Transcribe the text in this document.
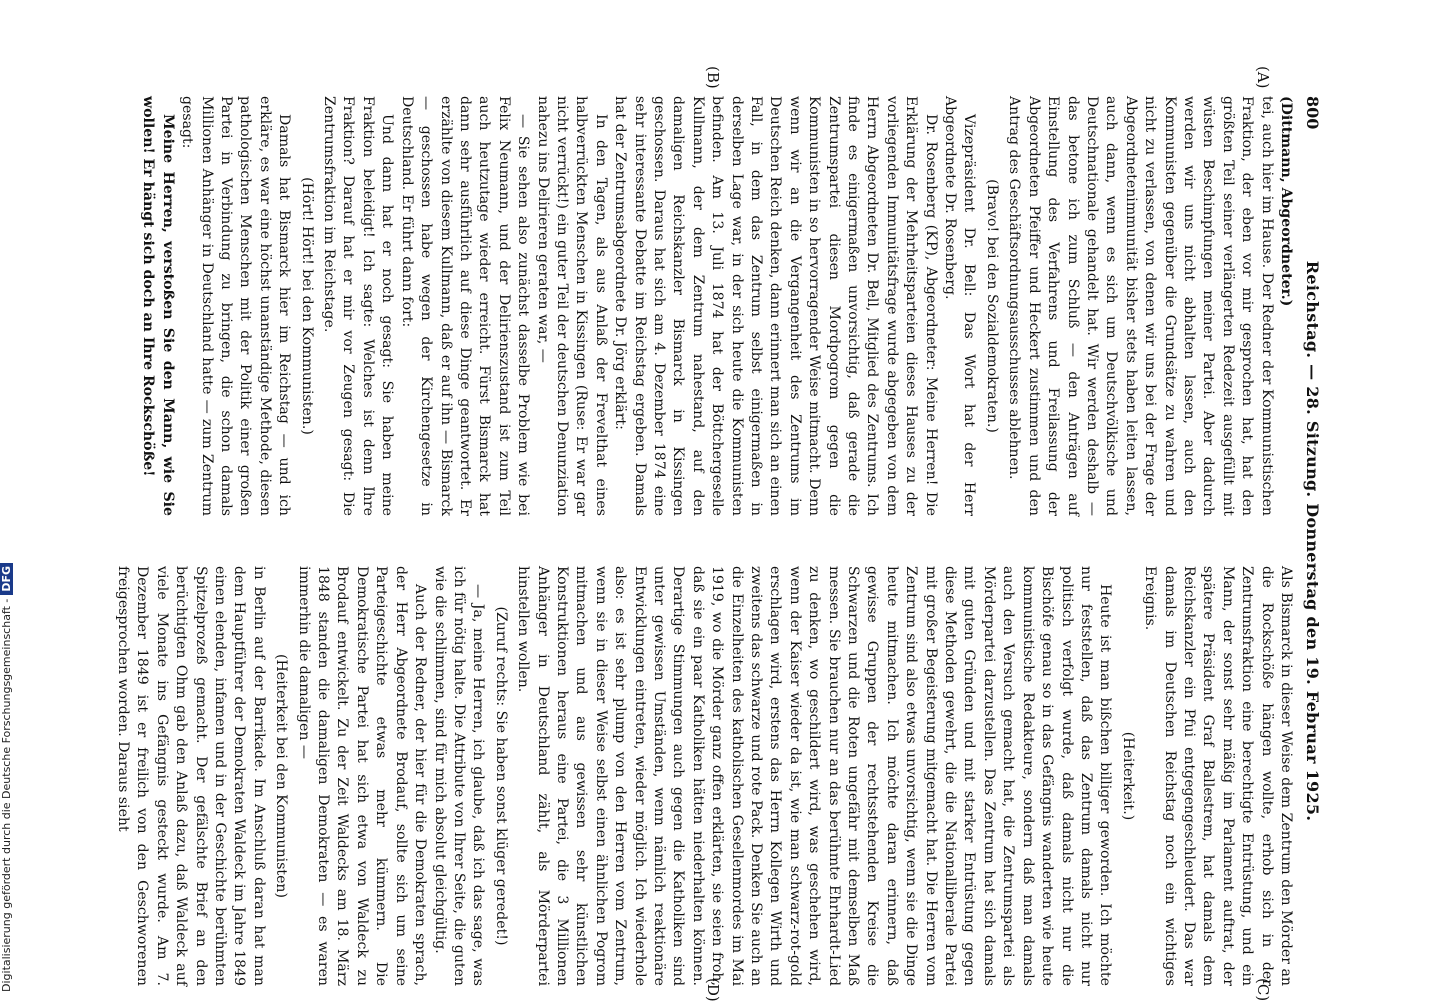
800
Reichstag. — 28. Sitzung. Donnerstag den 19. Februar 1925.
(A)
(B)
(C)
(D)

(Dittmann, Abgeordneter.)

tei, auch hier im Hause. Der Redner der Kommunistischen Fraktion, der eben vor mir gesprochen hat, hat den größten Teil seiner verlängerten Redezeit ausgefüllt mit wüsten Beschimpfungen meiner Partei. Aber dadurch werden wir uns nicht abhalten lassen, auch den Kommunisten gegenüber die Grundsätze zu wahren und nicht zu verlassen, von denen wir uns bei der Frage der Abgeordnetenimmunität bisher stets haben leiten lassen, auch dann, wenn es sich um Deutschvölkische und Deutschnationale gehandelt hat. Wir werden deshalb — das betone ich zum Schluß — den Anträgen auf Einstellung des Verfahrens und Freilassung der Abgeordneten Pfeiffer und Heckert zustimmen und den Antrag des Geschäftsordnungsausschusses ablehnen.

(Bravo! bei den Sozialdemokraten.)

Vizepräsident Dr. Bell: Das Wort hat der Herr Abgeordnete Dr. Rosenberg.

Dr. Rosenberg (KP), Abgeordneter: Meine Herren! Die Erklärung der Mehrheitsparteien dieses Hauses zu der vorliegenden Immunitätsfrage wurde abgegeben von dem Herrn Abgeordneten Dr. Bell, Mitglied des Zentrums. Ich finde es einigermaßen unvorsichtig, daß gerade die Zentrumspartei diesen Mordpogrom gegen die Kommunisten in so hervorragender Weise mitmacht. Denn wenn wir an die Vergangenheit des Zentrums im Deutschen Reich denken, dann erinnert man sich an einen Fall, in dem das Zentrum selbst einigermaßen in derselben Lage war, in der sich heute die Kommunisten befinden. Am 13. Juli 1874 hat der Böttchergeselle Kullmann, der dem Zentrum nahestand, auf den damaligen Reichskanzler Bismarck in Kissingen geschossen. Daraus hat sich am 4. Dezember 1874 eine sehr interessante Debatte im Reichstag ergeben. Damals hat der Zentrumsabgeordnete Dr. Jörg erklärt:

In den Tagen, als aus Anlaß der Frevelthat eines halbverrückten Menschen in Kissingen (Ruse: Er war gar nicht verrückt!) ein guter Teil der deutschen Denunziation nahezu ins Delirieren geraten war, —

— Sie sehen also zunächst dasselbe Problem wie bei Felix Neumann, und der Delirienszustand ist zum Teil auch heutzutage wieder erreicht. Fürst Bismarck hat dann sehr ausführlich auf diese Dinge geantwortet. Er erzählte von diesem Kullmann, daß er auf ihn — Bismarck — geschossen habe wegen der Kirchengesetze in Deutschland. Er führt dann fort:

Und dann hat er noch gesagt: Sie haben meine Fraktion beleidigt! Ich sagte: Welches ist denn Ihre Fraktion? Darauf hat er mir vor Zeugen gesagt: Die Zentrumsfraktion im Reichstage.

(Hört! Hört! bei den Kommunisten.)

Damals hat Bismarck hier im Reichstag — und ich erkläre, es war eine höchst unanständige Methode, diesen pathologischen Menschen mit der Politik einer großen Partei in Verbindung zu bringen, die schon damals Millionen Anhänger in Deutschland hatte — zum Zentrum gesagt:

Meine Herren, verstoßen Sie den Mann, wie Sie wollen! Er hängt sich doch an Ihre Rockschöße!

Als Bismarck in dieser Weise dem Zentrum den Mörder an die Rockschöße hängen wollte, erhob sich in der Zentrumsfraktion eine berechtigte Entrüstung, und ein Mann, der sonst sehr mäßig im Parlament auftrat, der spätere Präsident Graf Ballestrem, hat damals dem Reichskanzler ein Pfui entgegengeschleudert. Das war damals im Deutschen Reichstag noch ein wichtiges Ereignis.

(Heiterkeit.)

Heute ist man bißchen billiger geworden. Ich möchte nur feststellen, daß das Zentrum damals nicht nur politisch verfolgt wurde, daß damals nicht nur die Bischöfe genau so in das Gefängnis wanderten wie heute kommunistische Redakteure, sondern daß man damals auch den Versuch gemacht hat, die Zentrumspartei als Mörderpartei darzustellen. Das Zentrum hat sich damals mit guten Gründen und mit starker Entrüstung gegen diese Methoden gewehrt, die die Nationalliberale Partei mit großer Begeisterung mitgemacht hat. Die Herren vom Zentrum sind also etwas unvorsichtig, wenn sie die Dinge heute mitmachen. Ich möchte daran erinnern, daß gewisse Gruppen der rechtsstehenden Kreise die Schwarzen und die Roten ungefähr mit demselben Maß messen. Sie brauchen nur an das berühmte Ehrhardt-Lied zu denken, wo geschildert wird, was geschehen wird, wenn der Kaiser wieder da ist, wie man schwarz-rot-gold erschlagen wird, erstens das Herrn Kollegen Wirth und zweitens das schwarze und rote Pack. Denken Sie auch an die Einzelheiten des katholischen Gesellenmordes im Mai 1919, wo die Mörder ganz offen erklärten, sie seien froh, daß sie ein paar Katholiken hätten niederhalten können. Derartige Stimmungen auch gegen die Katholiken sind unter gewissen Umständen, wenn nämlich reaktionäre Entwicklungen eintreten, wieder möglich. Ich wiederhole also: es ist sehr plump von den Herren vom Zentrum, wenn sie in dieser Weise selbst einen ähnlichen Pogrom mitmachen und aus gewissen sehr künstlichen Konstruktionen heraus eine Partei, die 3 Millionen Anhänger in Deutschland zählt, als Mörderpartei hinstellen wollen.

(Zuruf rechts: Sie haben sonst klüger geredet!)

— Ja, meine Herren, ich glaube, daß ich das sage, was ich für nötig halte. Die Attribute von Ihrer Seite, die guten wie die schlimmen, sind für mich absolut gleichgültig.

Auch der Redner, der hier für die Demokraten sprach, der Herr Abgeordnete Brodauf, sollte sich um seine Parteigeschichte etwas mehr kümmern. Die Demokratische Partei hat sich etwa von Waldeck zu Brodauf entwickelt. Zu der Zeit Waldecks am 18. März 1848 standen die damaligen Demokraten — es waren immerhin die damaligen —

(Heiterkeit bei den Kommunisten)

in Berlin auf der Barrikade. Im Anschluß daran hat man dem Hauptführer der Demokraten Waldeck im Jahre 1849 einen elenden, infamen und in der Geschichte berühmten Spitzelprozeß gemacht. Der gefälschte Brief an den berüchtigten Ohm gab den Anlaß dazu, daß Waldeck auf viele Monate ins Gefängnis gesteckt wurde. Am 7. Dezember 1849 ist er freilich von den Geschworenen freigesprochen worden. Daraus sieht

Digitalisierung gefördert durch die Deutsche Forschungsgemeinschaft -DFG
